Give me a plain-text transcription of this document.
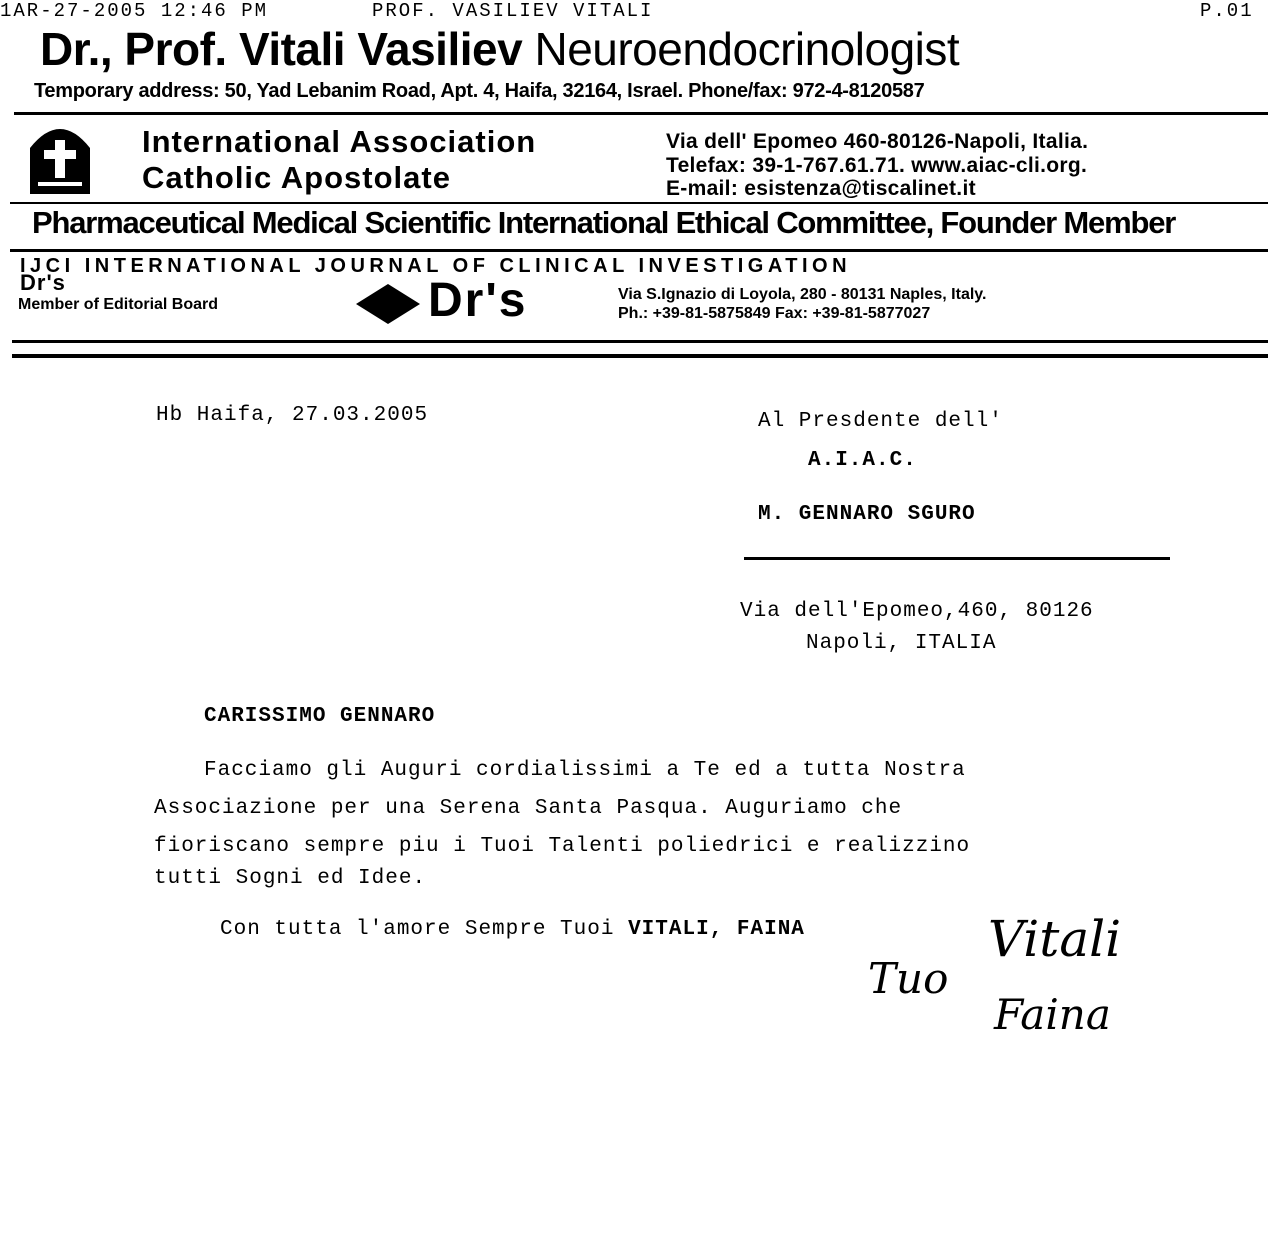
1AR-27-2005 12:46 PM	PROF. VASILIEV VITALI	P.01
Dr., Prof. Vitali Vasiliev Neuroendocrinologist
Temporary address: 50, Yad Lebanim Road, Apt. 4, Haifa, 32164, Israel. Phone/fax: 972-4-8120587
International Association
Catholic Apostolate
Via dell' Epomeo 460-80126-Napoli, Italia.
Telefax: 39-1-767.61.71. www.aiac-cli.org.
E-mail: esistenza@tiscalinet.it
Pharmaceutical Medical Scientific International Ethical Committee, Founder Member
IJCI INTERNATIONAL JOURNAL OF CLINICAL INVESTIGATION
Dr's
Member of Editorial Board	Dr's	Via S.Ignazio di Loyola, 280 - 80131 Naples, Italy.
Ph.: +39-81-5875849 Fax: +39-81-5877027
Hb Haifa, 27.03.2005	Al Presdente dell'
A.I.A.C.
M. GENNARO SGURO
Via dell'Epomeo,460, 80126
Napoli, ITALIA
CARISSIMO GENNARO
Facciamo gli Auguri cordialissimi a Te ed a tutta Nostra
Associazione per una Serena Santa Pasqua. Auguriamo che
fioriscano sempre piu i Tuoi Talenti poliedrici e realizzino
tutti Sogni ed Idee.
Con tutta l'amore Sempre Tuoi VITALI, FAINA
Tuo
Vitali
Faina
